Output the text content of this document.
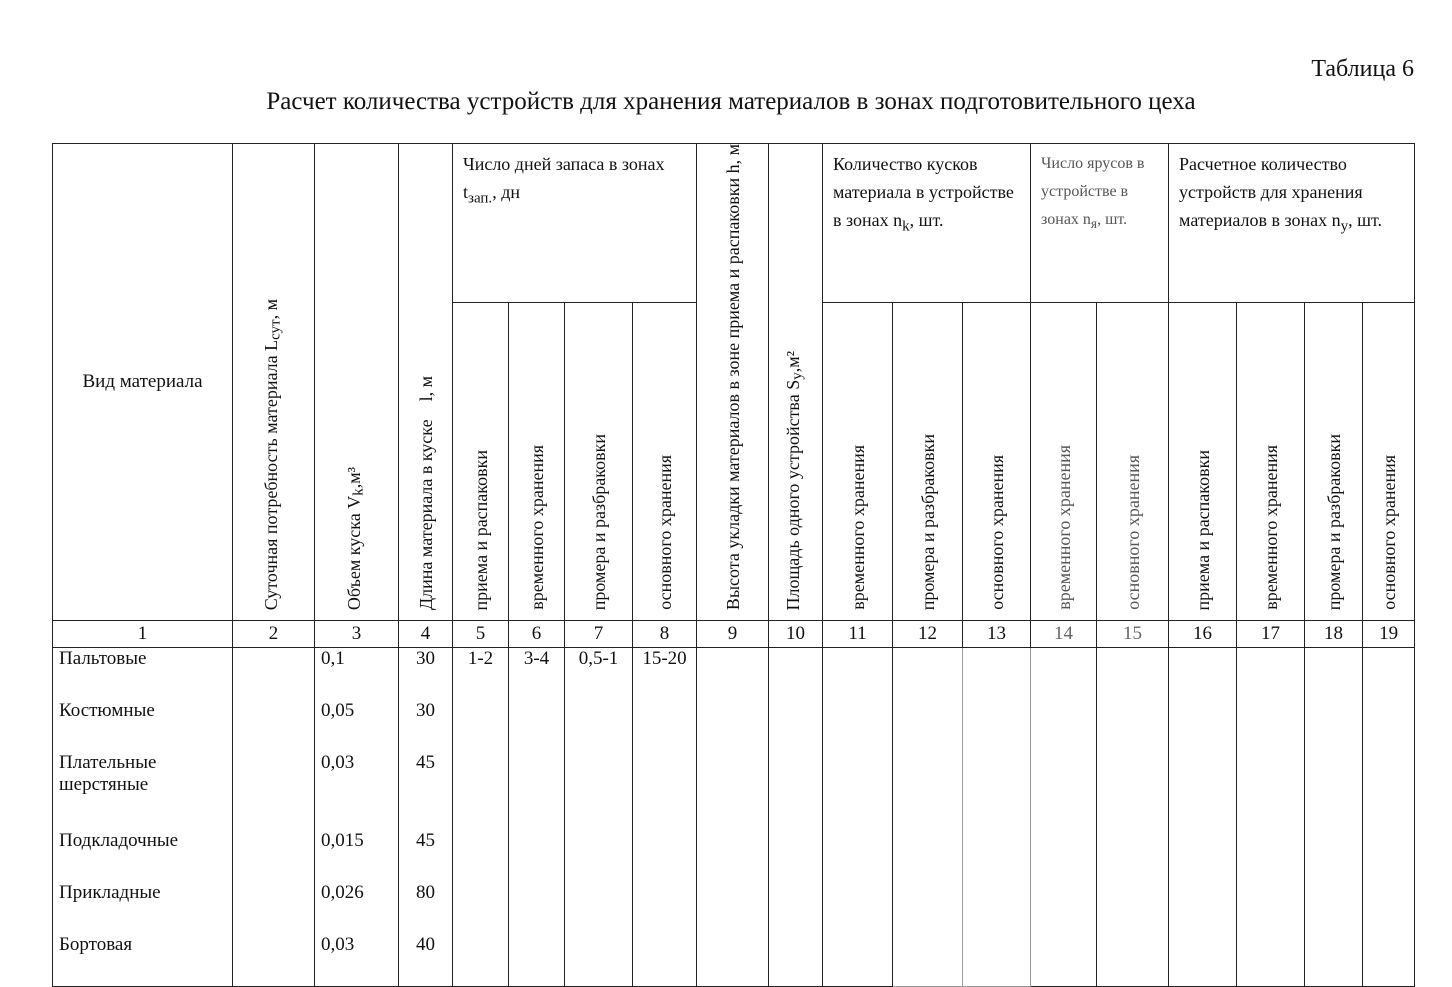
Таблица 6
Расчет количества устройств для хранения материалов в зонах подготовительного цеха
Вид материала	Суточная потребность материала $L_{сут}$, м	Объем куска $V_k,м^3$	Длина материала в куске    l, м	Число дней запаса в зонах $t_{зап.}$, дн				Высота укладки материалов в зоне приема и распаковки h, м	Площадь одного устройства $S_у,м^2$	Количество кусков материала в устройстве в зонах $n_k$, шт.			Число ярусов в устройстве в зонах $n_я$, шт.		Расчетное количество устройств для хранения материалов в зонах $n_у$, шт.			

				приема и распаковки	временного хранения	промера и разбраковки	основного хранения			временного хранения	промера и разбраковки	основного хранения	временного хранения	основного хранения	приема и распаковки	временного хранения	промера и разбраковки	основного хранения

1	2	3	4	5	6	7	8	9	10	11	12	13	14	15	16	17	18	19
Пальтовые		0,1	30	1-2	3-4	0,5-1	15-20											
Костюмные		0,05	30															
Плательные шерстяные		0,03	45															
Подкладочные		0,015	45															
Прикладные		0,026	80															
Бортовая		0,03	40															
